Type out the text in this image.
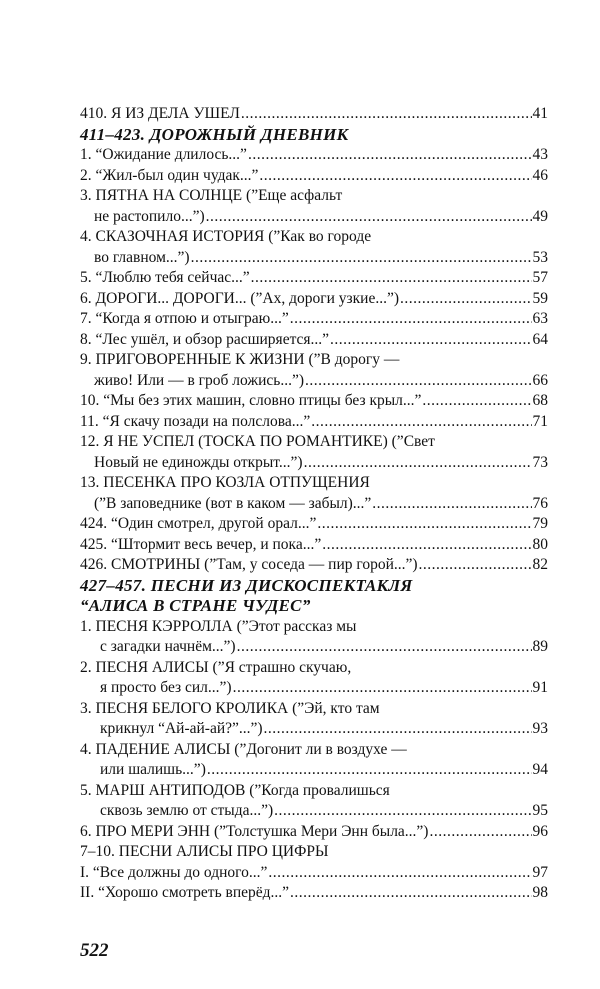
410. Я ИЗ ДЕЛА УШЕЛ .....	41
411–423. ДОРОЖНЫЙ ДНЕВНИК
1. “Ожидание длилось...” .....	43
2. “Жил-был один чудак...” .....	46
3. ПЯТНА НА СОЛНЦЕ (”Еще асфальт
не растопило...”) .....	49
4. СКАЗОЧНАЯ ИСТОРИЯ (”Как во городе
во главном...”) .....	53
5. “Люблю тебя сейчас...” .....	57
6. ДОРОГИ... ДОРОГИ... (”Ах, дороги узкие...”) .....	59
7. “Когда я отпою и отыграю...” .....	63
8. “Лес ушёл, и обзор расширяется...” .....	64
9. ПРИГОВОРЕННЫЕ К ЖИЗНИ (”В дорогу —
живо! Или — в гроб ложись...”) .....	66
10. “Мы без этих машин, словно птицы без крыл...” .....	68
11. “Я скачу позади на полслова...” .....	71
12. Я НЕ УСПЕЛ (ТОСКА ПО РОМАНТИКЕ) (”Свет
Новый не единожды открыт...”) .....	73
13. ПЕСЕНКА ПРО КОЗЛА ОТПУЩЕНИЯ
(”В заповеднике (вот в каком — забыл)...” .....	76
424. “Один смотрел, другой орал...” .....	79
425. “Штормит весь вечер, и пока...” .....	80
426. СМОТРИНЫ (”Там, у соседа — пир горой...”) .....	82
427–457. ПЕСНИ ИЗ ДИСКОСПЕКТАКЛЯ
“АЛИСА В СТРАНЕ ЧУДЕС”
1. ПЕСНЯ КЭРРОЛЛА (”Этот рассказ мы
с загадки начнём...”) .....	89
2. ПЕСНЯ АЛИСЫ (”Я страшно скучаю,
я просто без сил...”) .....	91
3. ПЕСНЯ БЕЛОГО КРОЛИКА (”Эй, кто там
крикнул “Ай-ай-ай?”...”) .....	93
4. ПАДЕНИЕ АЛИСЫ (”Догонит ли в воздухе —
или шалишь...”) .....	94
5. МАРШ АНТИПОДОВ (”Когда провалишься
сквозь землю от стыда...”) .....	95
6. ПРО МЕРИ ЭНН (”Толстушка Мери Энн была...”) .....	96
7–10. ПЕСНИ АЛИСЫ ПРО ЦИФРЫ
I. “Все должны до одного...” .....	97
II. “Хорошо смотреть вперёд...” .....	98
522
